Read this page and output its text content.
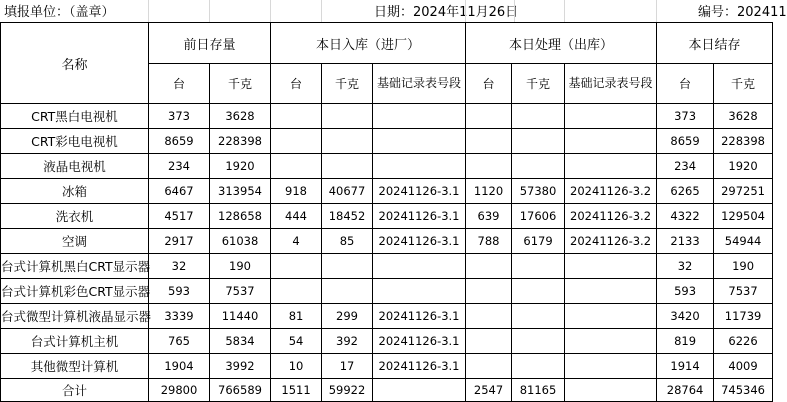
填报单位：（盖章）	日期：2024年11月26日	编号：202411
名称	前日存量		本日入库（进厂）			本日处理（出库）			本日结存	
	台	千克	台	千克	基础记录表号段	台	千克	基础记录表号段	台	千克
CRT黑白电视机	373	3628							373	3628
CRT彩电电视机	8659	228398							8659	228398
液晶电视机	234	1920							234	1920
冰箱	6467	313954	918	40677	20241126-3.1	1120	57380	20241126-3.2	6265	297251
洗衣机	4517	128658	444	18452	20241126-3.1	639	17606	20241126-3.2	4322	129504
空调	2917	61038	4	85	20241126-3.1	788	6179	20241126-3.2	2133	54944
台式计算机黑白CRT显示器	32	190							32	190
台式计算机彩色CRT显示器	593	7537							593	7537
台式微型计算机液晶显示器	3339	11440	81	299	20241126-3.1				3420	11739
台式计算机主机	765	5834	54	392	20241126-3.1				819	6226
其他微型计算机	1904	3992	10	17	20241126-3.1				1914	4009
合计	29800	766589	1511	59922		2547	81165		28764	745346
